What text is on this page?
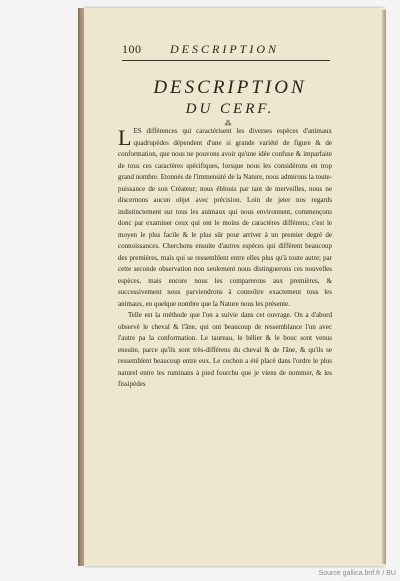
100 DESCRIPTION
DESCRIPTION
DU CERF.
⁂

LES différences qui caractérisent les diverses espèces d'animaux quadrupèdes dépendent d'une si grande variété de figure & de conformation, que nous ne pouvons avoir qu'une idée confuse & imparfaite de tous ces caractères spécifiques, lorsque nous les considérons en trop grand nombre. Etonnés de l'immensité de la Nature, nous admirons la toute-puissance de son Créateur; nous éblouis par tant de merveilles, nous ne discernons aucun objet avec précision. Loin de jeter nos regards indistinctement sur tous les animaux qui nous environnent, commençons donc par examiner ceux qui ont le moins de caractères différens; c'est le moyen le plus facile & le plus sûr pour arriver à un premier degré de connoissances. Cherchons ensuite d'autres espèces qui diffèrent beaucoup des premières, mais qui se ressemblent entre elles plus qu'à toute autre; par cette seconde observation non seulement nous distinguerons ces nouvelles espèces, mais encore nous les comparerons aux premières, & successivement nous parviendrons à connoître exactement tous les animaux, en quelque nombre que la Nature nous les présente.

Telle est la méthode que l'on a suivie dans cet ouvrage. On a d'abord observé le cheval & l'âne, qui ont beaucoup de ressemblance l'un avec l'autre pa la conformation. Le taureau, le bélier & le bouc sont venus ensuite, parce qu'ils sont très-différens du cheval & de l'âne, & qu'ils se ressemblent beaucoup entre eux. Le cochon a été placé dans l'ordre le plus naturel entre les ruminans à pied fourchu que je viens de nommer, & les fissipèdes

Source gallica.bnf.fr / BU
